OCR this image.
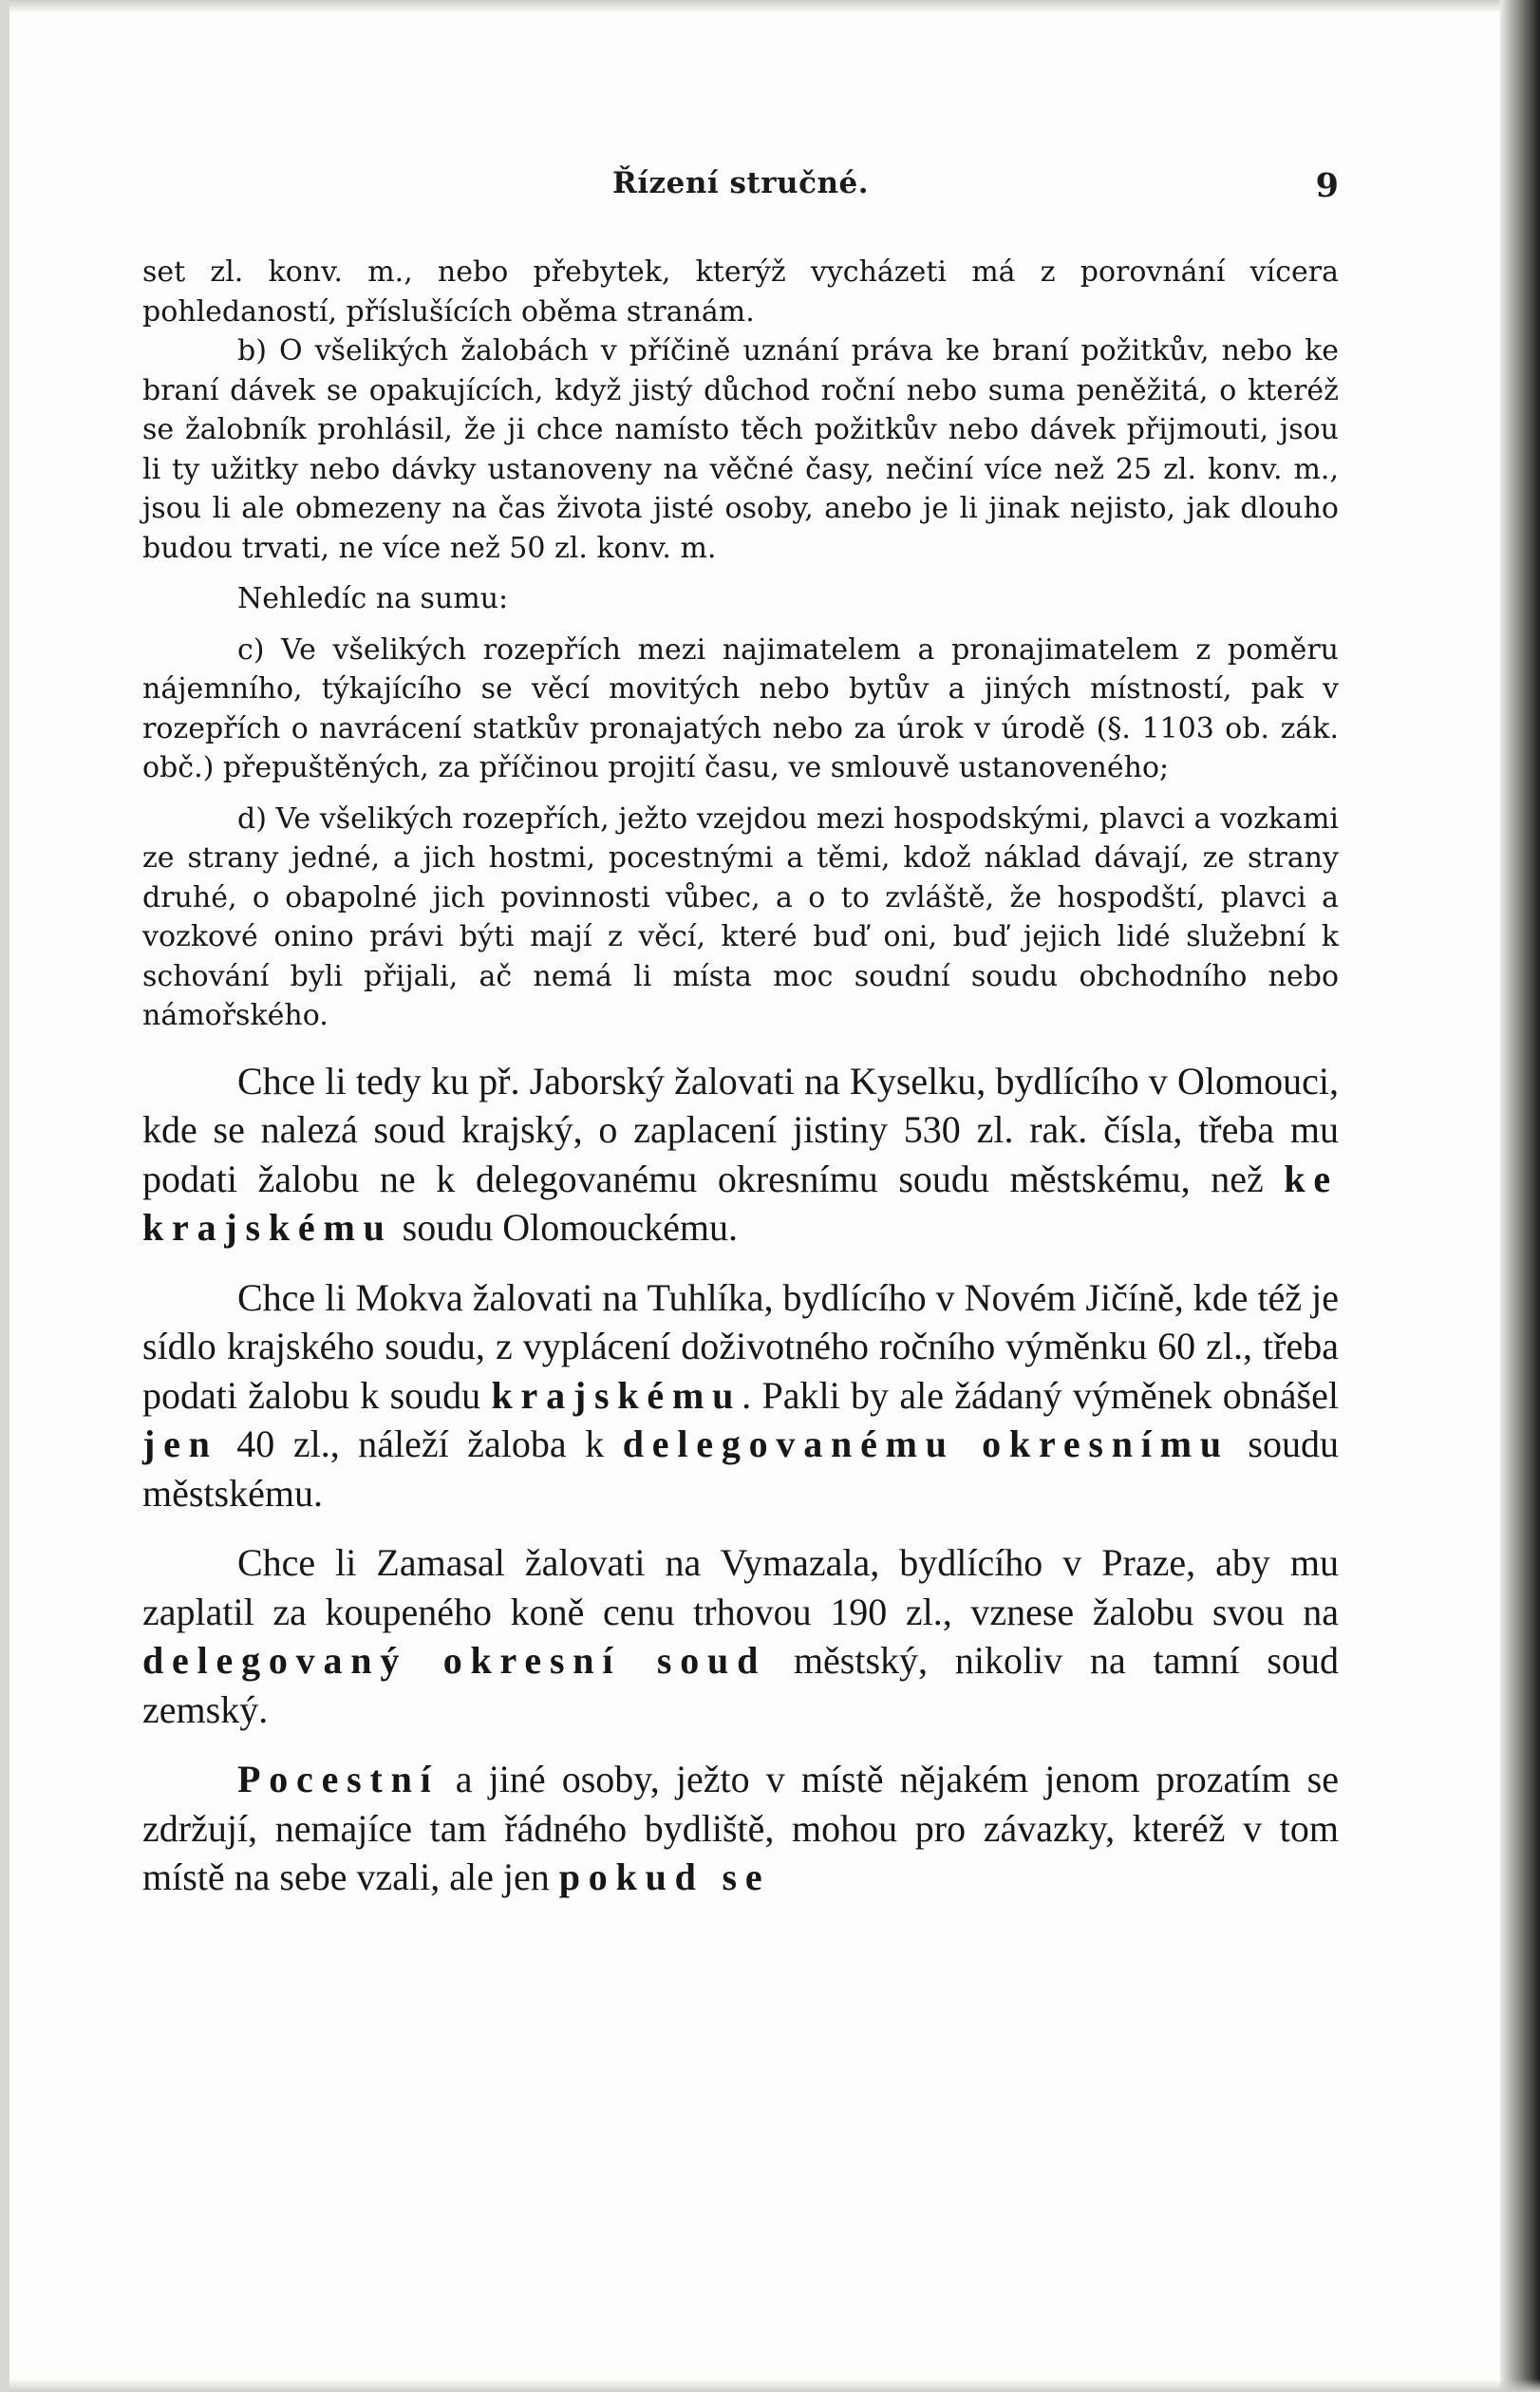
Řízení stručné.	9

set zl. konv. m., nebo přebytek, kterýž vycházeti má z porovnání vícera pohledaností, příslušících oběma stranám.

b) O všelikých žalobách v příčině uznání práva ke braní požitkův, nebo ke braní dávek se opakujících, když jistý důchod roční nebo suma peněžitá, o kteréž se žalobník prohlásil, že ji chce namísto těch požitkův nebo dávek přijmouti, jsou li ty užitky nebo dávky ustanoveny na věčné časy, nečiní více než 25 zl. konv. m., jsou li ale obmezeny na čas života jisté osoby, anebo je li jinak nejisto, jak dlouho budou trvati, ne více než 50 zl. konv. m.

Nehledíc na sumu:

c) Ve všelikých rozepřích mezi najimatelem a pronajimatelem z poměru nájemního, týkajícího se věcí movitých nebo bytův a jiných místností, pak v rozepřích o navrácení statkův pronajatých nebo za úrok v úrodě (§. 1103 ob. zák. obč.) přepuštěných, za příčinou projití času, ve smlouvě ustanoveného;

d) Ve všelikých rozepřích, ježto vzejdou mezi hospodskými, plavci a vozkami ze strany jedné, a jich hostmi, pocestnými a těmi, kdož náklad dávají, ze strany druhé, o obapolné jich povinnosti vůbec, a o to zvláště, že hospodští, plavci a vozkové onino právi býti mají z věcí, které buď oni, buď jejich lidé služební k schování byli přijali, ač nemá li místa moc soudní soudu obchodního nebo námořského.

Chce li tedy ku př. Jaborský žalovati na Kyselku, bydlícího v Olomouci, kde se nalezá soud krajský, o zaplacení jistiny 530 zl. rak. čísla, třeba mu podati žalobu ne k delegovanému okresnímu soudu městskému, než ke krajskému soudu Olomouckému.

Chce li Mokva žalovati na Tuhlíka, bydlícího v Novém Jičíně, kde též je sídlo krajského soudu, z vyplácení doživotného ročního výměnku 60 zl., třeba podati žalobu k soudu krajskému. Pakli by ale žádaný výměnek obnášel jen 40 zl., náleží žaloba k delegovanému okresnímu soudu městskému.

Chce li Zamasal žalovati na Vymazala, bydlícího v Praze, aby mu zaplatil za koupeného koně cenu trhovou 190 zl., vznese žalobu svou na delegovaný okresní soud městský, nikoliv na tamní soud zemský.

Pocestní a jiné osoby, ježto v místě nějakém jenom prozatím se zdržují, nemajíce tam řádného bydliště, mohou pro závazky, kteréž v tom místě na sebe vzali, ale jen pokud se
